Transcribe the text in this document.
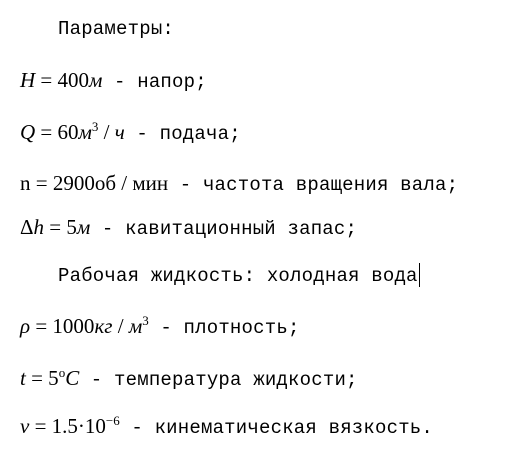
Параметры:
H = 400м - напор;
$Q = 60м^3 / ч$ - подача;
n = 2900об / мин - частота вращения вала;
Δh = 5м - кавитационный запас;
Рабочая жидкость: холодная вода
$\rho = 1000кг / м^3$ - плотность;
$t = 5^oC$ - температура жидкости;
$\nu = 1.5\cdot 10^{-6}$ - кинематическая вязкость.
